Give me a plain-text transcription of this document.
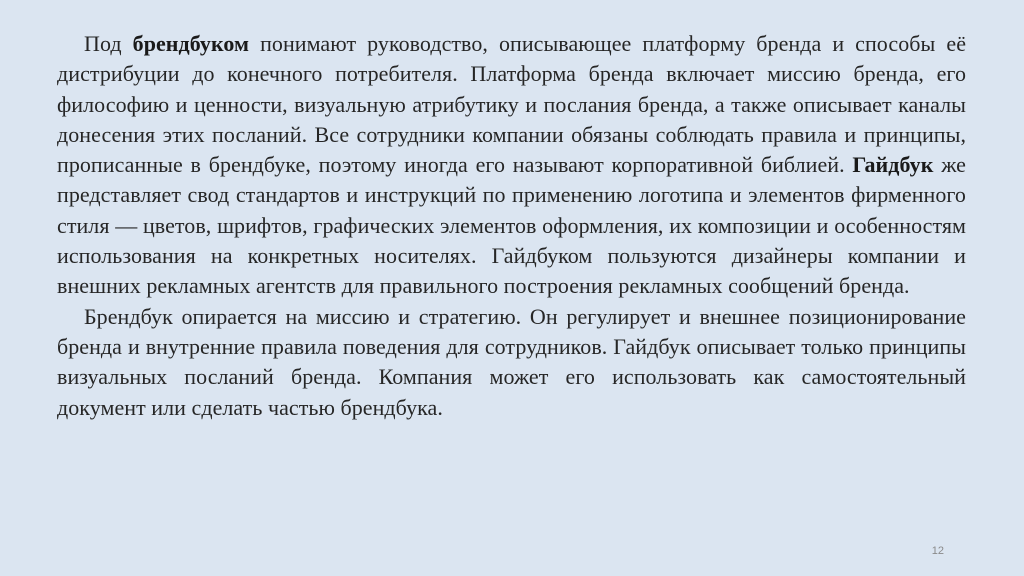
Под брендбуком понимают руководство, описывающее платформу бренда и способы её дистрибуции до конечного потребителя. Платформа бренда включает миссию бренда, его философию и ценности, визуальную атрибутику и послания бренда, а также описывает каналы донесения этих посланий. Все сотрудники компании обязаны соблюдать правила и принципы, прописанные в брендбуке, поэтому иногда его называют корпоративной библией. Гайдбук же представляет свод стандартов и инструкций по применению логотипа и элементов фирменного стиля — цветов, шрифтов, графических элементов оформления, их композиции и особенностям использования на конкретных носителях. Гайдбуком пользуются дизайнеры компании и внешних рекламных агентств для правильного построения рекламных сообщений бренда.

Брендбук опирается на миссию и стратегию. Он регулирует и внешнее позиционирование бренда и внутренние правила поведения для сотрудников. Гайдбук описывает только принципы визуальных посланий бренда. Компания может его использовать как самостоятельный документ или сделать частью брендбука.

12
